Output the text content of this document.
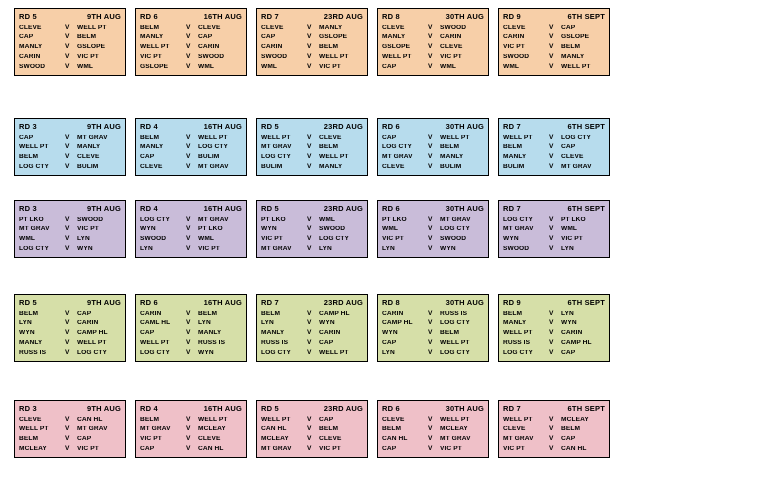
RD 5	9TH AUG
CLEVE	V	WELL PT
CAP	V	BELM
MANLY	V	GSLOPE
CARIN	V	VIC PT
SWOOD	V	WML
RD 6	16TH AUG
BELM	V	CLEVE
MANLY	V	CAP
WELL PT	V	CARIN
VIC PT	V	SWOOD
GSLOPE	V	WML
RD 7	23RD AUG
CLEVE	V	MANLY
CAP	V	GSLOPE
CARIN	V	BELM
SWOOD	V	WELL PT
WML	V	VIC PT
RD 8	30TH AUG
CLEVE	V	SWOOD
MANLY	V	CARIN
GSLOPE	V	CLEVE
WELL PT	V	VIC PT
CAP	V	WML
RD 9	6TH SEPT
CLEVE	V	CAP
CARIN	V	GSLOPE
VIC PT	V	BELM
SWOOD	V	MANLY
WML	V	WELL PT
RD 3	9TH AUG
CAP	V	MT GRAV
WELL PT	V	MANLY
BELM	V	CLEVE
LOG CTY	V	BULIM
RD 4	16TH AUG
BELM	V	WELL PT
MANLY	V	LOG CTY
CAP	V	BULIM
CLEVE	V	MT GRAV
RD 5	23RD AUG
WELL PT	V	CLEVE
MT GRAV	V	BELM
LOG CTY	V	WELL PT
BULIM	V	MANLY
RD 6	30TH AUG
CAP	V	WELL PT
LOG CTY	V	BELM
MT GRAV	V	MANLY
CLEVE	V	BULIM
RD 7	6TH SEPT
WELL PT	V	LOG CTY
BELM	V	CAP
MANLY	V	CLEVE
BULIM	V	MT GRAV
RD 3	9TH AUG
PT LKO	V	SWOOD
MT GRAV	V	VIC PT
WML	V	LYN
LOG CTY	V	WYN
RD 4	16TH AUG
LOG CTY	V	MT GRAV
WYN	V	PT LKO
SWOOD	V	WML
LYN	V	VIC PT
RD 5	23RD AUG
PT LKO	V	WML
WYN	V	SWOOD
VIC PT	V	LOG CTY
MT GRAV	V	LYN
RD 6	30TH AUG
PT LKO	V	MT GRAV
WML	V	LOG CTY
VIC PT	V	SWOOD
LYN	V	WYN
RD 7	6TH SEPT
LOG CTY	V	PT LKO
MT GRAV	V	WML
WYN	V	VIC PT
SWOOD	V	LYN
RD 5	9TH AUG
BELM	V	CAP
LYN	V	CARIN
WYN	V	CAMP HL
MANLY	V	WELL PT
RUSS IS	V	LOG CTY
RD 6	16TH AUG
CARIN	V	BELM
CAML HL	V	LYN
CAP	V	MANLY
WELL PT	V	RUSS IS
LOG CTY	V	WYN
RD 7	23RD AUG
BELM	V	CAMP HL
LYN	V	WYN
MANLY	V	CARIN
RUSS IS	V	CAP
LOG CTY	V	WELL PT
RD 8	30TH AUG
CARIN	V	RUSS IS
CAMP HL	V	LOG CTY
WYN	V	BELM
CAP	V	WELL PT
LYN	V	LOG CTY
RD 9	6TH SEPT
BELM	V	LYN
MANLY	V	WYN
WELL PT	V	CARIN
RUSS IS	V	CAMP HL
LOG CTY	V	CAP
RD 3	9TH AUG
CLEVE	V	CAN HL
WELL PT	V	MT GRAV
BELM	V	CAP
MCLEAY	V	VIC PT
RD 4	16TH AUG
BELM	V	WELL PT
MT GRAV	V	MCLEAY
VIC PT	V	CLEVE
CAP	V	CAN HL
RD 5	23RD AUG
WELL PT	V	CAP
CAN HL	V	BELM
MCLEAY	V	CLEVE
MT GRAV	V	VIC PT
RD 6	30TH AUG
CLEVE	V	WELL PT
BELM	V	MCLEAY
CAN HL	V	MT GRAV
CAP	V	VIC PT
RD 7	6TH SEPT
WELL PT	V	MCLEAY
CLEVE	V	BELM
MT GRAV	V	CAP
VIC PT	V	CAN HL
